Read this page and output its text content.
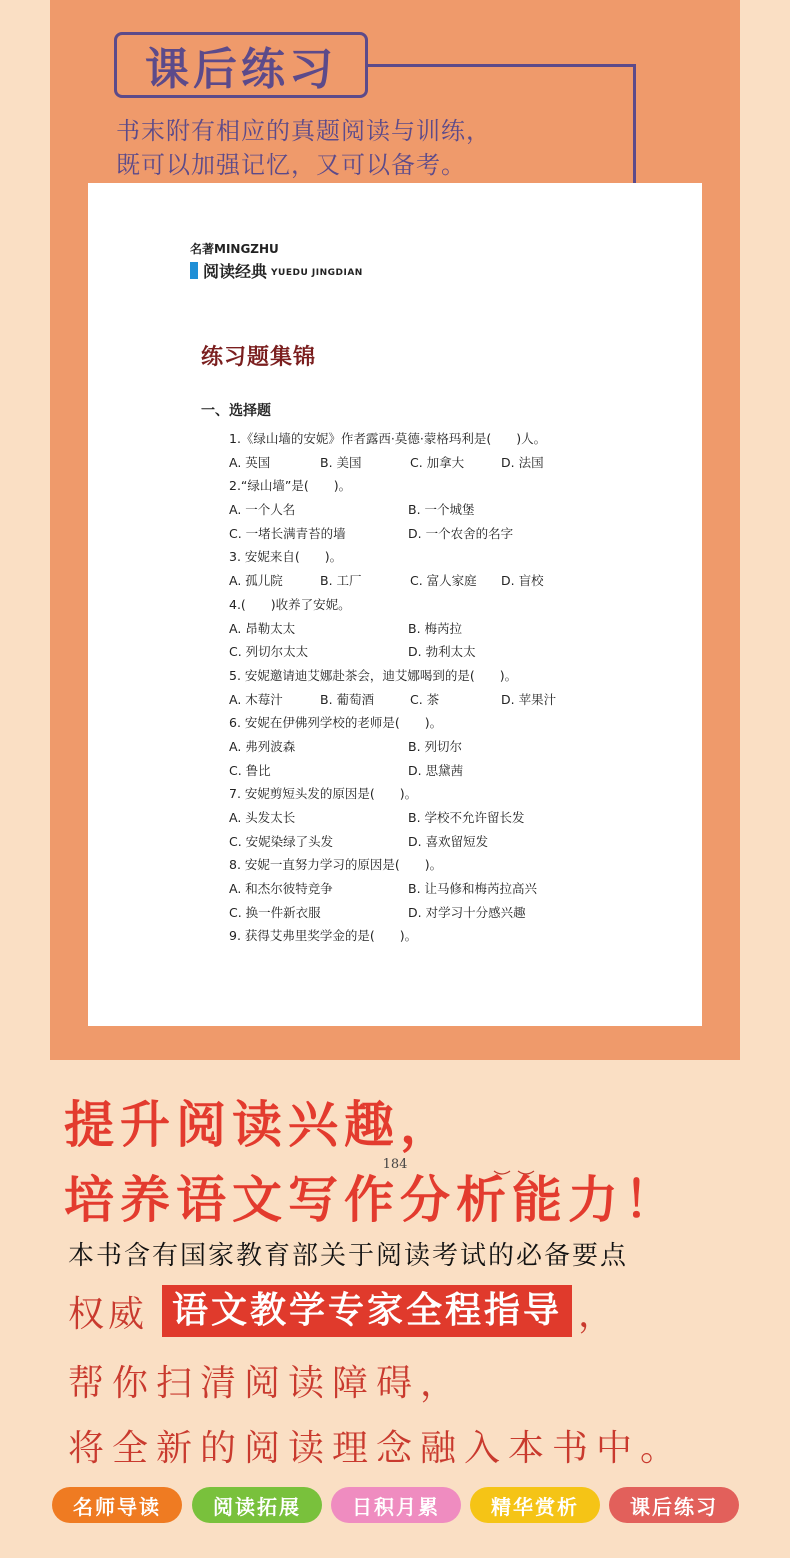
课后练习
书末附有相应的真题阅读与训练，
既可以加强记忆，又可以备考。
184
名著MINGZHU
阅读经典 YUEDU JINGDIAN
练习题集锦
一、选择题
1.《绿山墙的安妮》作者露西·莫德·蒙格玛利是(　　)人。
A. 英国	B. 美国	C. 加拿大	D. 法国
2.“绿山墙”是(　　)。
A. 一个人名	B. 一个城堡
C. 一堵长满青苔的墙	D. 一个农舍的名字
3. 安妮来自(　　)。
A. 孤儿院	B. 工厂	C. 富人家庭 D. 盲校
4.(　　)收养了安妮。
A. 昂勒太太	B. 梅芮拉
C. 列切尔太太	D. 勃利太太
5. 安妮邀请迪艾娜赴茶会，迪艾娜喝到的是(　　)。
A. 木莓汁	B. 葡萄酒	C. 茶	D. 苹果汁
6. 安妮在伊佛列学校的老师是(　　)。
A. 弗列波森	B. 列切尔
C. 鲁比	D. 思黛茜
7. 安妮剪短头发的原因是(　　)。
A. 头发太长	B. 学校不允许留长发
C. 安妮染绿了头发	D. 喜欢留短发
8. 安妮一直努力学习的原因是(　　)。
A. 和杰尔彼特竞争	B. 让马修和梅芮拉高兴
C. 换一件新衣服	D. 对学习十分感兴趣
9. 获得艾弗里奖学金的是(　　)。
提升阅读兴趣，
培养语文写作分析能力！
本书含有国家教育部关于阅读考试的必备要点
权威 语文教学专家全程指导 ，
帮你扫清阅读障碍，
将全新的阅读理念融入本书中。
名师导读	阅读拓展	日积月累	精华赏析	课后练习
